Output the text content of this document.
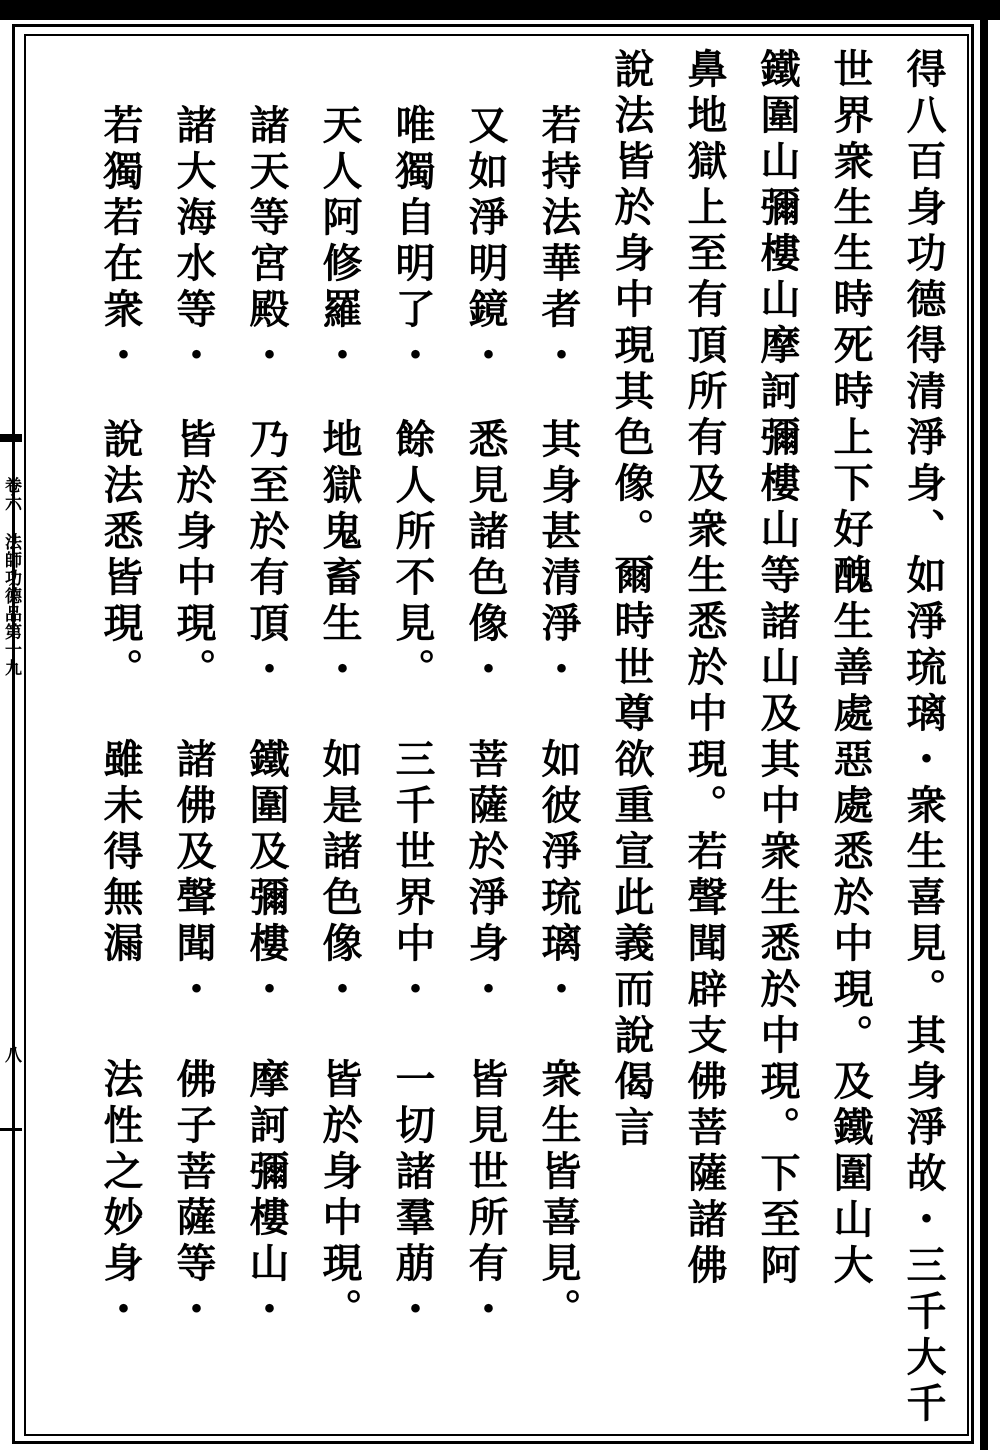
卷六 法師功德品第十九
八	得八百身功德得清淨身、如淨琉璃・衆生喜見。其身淨故・三千大千
世界衆生生時死時上下好醜生善處惡處悉於中現。及鐵圍山大
鐵圍山彌樓山摩訶彌樓山等諸山及其中衆生悉於中現。下至阿
鼻地獄上至有頂所有及衆生悉於中現。若聲聞辟支佛菩薩諸佛
說法皆於身中現其色像。爾時世尊欲重宣此義而說偈言
若持法華者・
其身甚清淨・
如彼淨琉璃・
衆生皆喜見。
又如淨明鏡・
悉見諸色像・
菩薩於淨身・
皆見世所有・
唯獨自明了・
餘人所不見。
三千世界中・
一切諸羣萠・
天人阿修羅・
地獄鬼畜生・
如是諸色像・
皆於身中現。
諸天等宮殿・
乃至於有頂・
鐵圍及彌樓・
摩訶彌樓山・
諸大海水等・
皆於身中現。
諸佛及聲聞・
佛子菩薩等・
若獨若在衆・
說法悉皆現。
雖未得無漏
法性之妙身・
